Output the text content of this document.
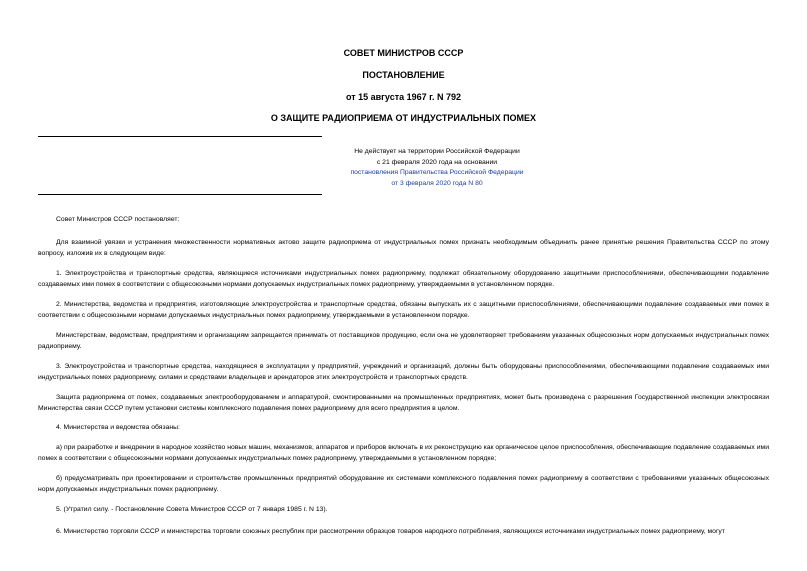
СОВЕТ МИНИСТРОВ СССР
ПОСТАНОВЛЕНИЕ
от 15 августа 1967 г. N 792
О ЗАЩИТЕ РАДИОПРИЕМА ОТ ИНДУСТРИАЛЬНЫХ ПОМЕХ
Не действует на территории Российской Федерации
с 21 февраля 2020 года на основании
постановления Правительства Российской Федерации
от 3 февраля 2020 года N 80
Совет Министров СССР постановляет:
Для взаимной увязки и устранения множественности нормативных актово защите радиоприема от индустриальных помех признать необходимым объединить ранее принятые решения Правительства СССР по этому вопросу, изложив их в следующем виде:
1. Электроустройства и транспортные средства, являющиеся источниками индустриальных помех радиоприему, подлежат обязательному оборудованию защитными приспособлениями, обеспечивающими подавление создаваемых ими помех в соответствии с общесоюзными нормами допускаемых индустриальных помех радиоприему, утверждаемыми в установленном порядке.
2. Министерства, ведомства и предприятия, изготовляющие электроустройства и транспортные средства, обязаны выпускать их с защитными приспособлениями, обеспечивающими подавление создаваемых ими помех в соответствии с общесоюзными нормами допускаемых индустриальных помех радиоприему, утверждаемыми в установленном порядке.
Министерствам, ведомствам, предприятиям и организациям запрещается принимать от поставщиков продукцию, если она не удовлетворяет требованиям указанных общесоюзных норм допускаемых индустриальных помех радиоприему.
3. Электроустройства и транспортные средства, находящиеся в эксплуатации у предприятий, учреждений и организаций, должны быть оборудованы приспособлениями, обеспечивающими подавление создаваемых ими индустриальных помех радиоприему, силами и средствами владельцев и арендаторов этих электроустройств и транспортных средств.
Защита радиоприема от помех, создаваемых электрооборудованием и аппаратурой, смонтированными на промышленных предприятиях, может быть произведена с разрешения Государственной инспекции электросвязи Министерства связи СССР путем установки системы комплексного подавления помех радиоприему для всего предприятия в целом.
4. Министерства и ведомства обязаны:
а) при разработке и внедрении в народное хозяйство новых машин, механизмов, аппаратов и приборов включать в их реконструкцию как органическое целое приспособления, обеспечивающие подавление создаваемых ими помех в соответствии с общесоюзными нормами допускаемых индустриальных помех радиоприему, утверждаемыми в установленном порядке;
б) предусматривать при проектировании и строительстве промышленных предприятий оборудование их системами комплексного подавления помех радиоприему в соответствии с требованиями указанных общесоюзных норм допускаемых индустриальных помех радиоприему.
5. (Утратил силу. - Постановление Совета Министров СССР от 7 января 1985 г. N 13).
6. Министерство торговли СССР и министерства торговли союзных республик при рассмотрении образцов товаров народного потребления, являющихся источниками индустриальных помех радиоприему, могут
